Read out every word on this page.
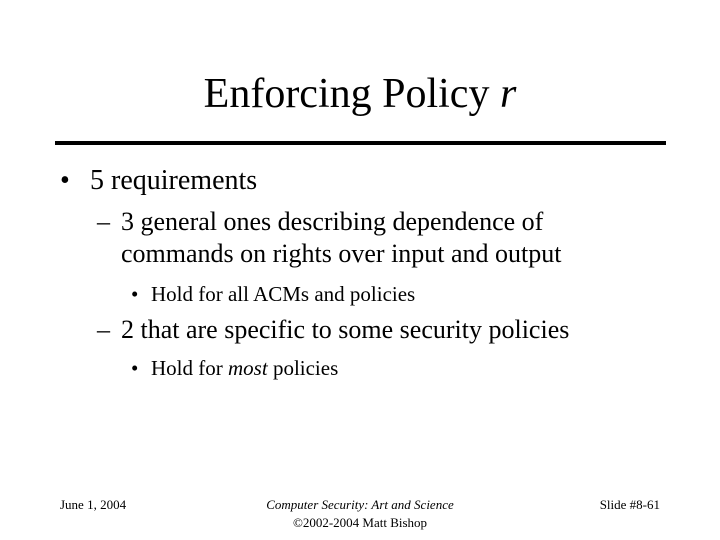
Enforcing Policy r
• 5 requirements
– 3 general ones describing dependence of
commands on rights over input and output
• Hold for all ACMs and policies
– 2 that are specific to some security policies
• Hold for most policies
June 1, 2004	Computer Security: Art and Science
©2002-2004 Matt Bishop
Slide #8-61
